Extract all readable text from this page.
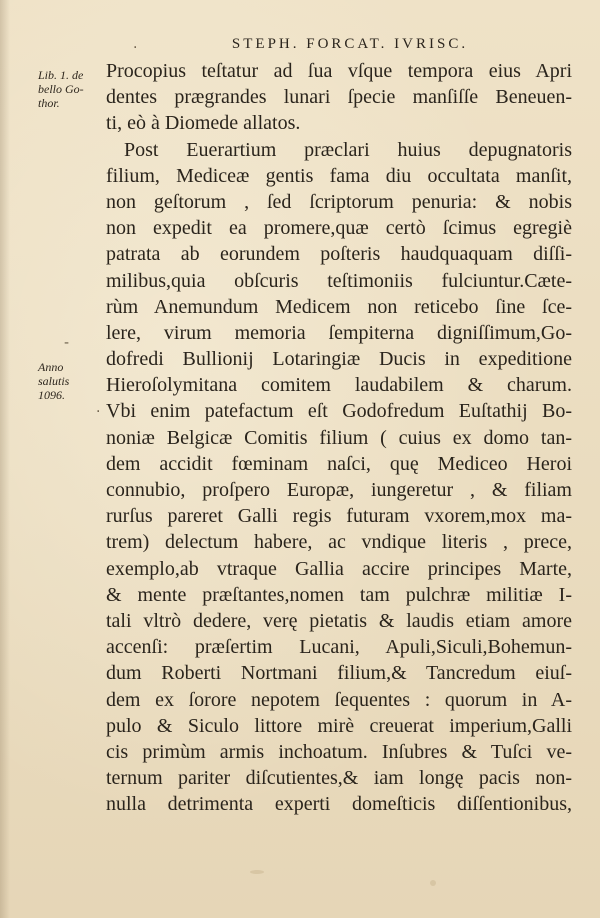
·
-
·
STEPH. FORCAT. IVRISC.
Lib. 1. de
bello Go-
thor.
Anno
salutis
1096.
Procopius teſtatur ad ſua vſque tempora eius Apri
dentes prægrandes lunari ſpecie manſiſſe Beneuen-
ti, eò à Diomede allatos.
Post Euerartium præclari huius depugnatoris
filium, Mediceæ gentis fama diu occultata manſit,
non geſtorum , ſed ſcriptorum penuria: & nobis
non expedit ea promere,quæ certò ſcimus egregiè
patrata ab eorundem poſteris haudquaquam diſſi-
milibus,quia obſcuris teſtimoniis fulciuntur.Cæte-
rùm Anemundum Medicem non reticebo ſine ſce-
lere, virum memoria ſempiterna digniſſimum,Go-
dofredi Bullionij Lotaringiæ Ducis in expeditione
Hieroſolymitana comitem laudabilem & charum.
Vbi enim patefactum eſt Godofredum Euſtathij Bo-
noniæ Belgicæ Comitis filium ( cuius ex domo tan-
dem accidit fœminam naſci, quę Mediceo Heroi
connubio, proſpero Europæ, iungeretur , & filiam
rurſus pareret Galli regis futuram vxorem,mox ma-
trem) delectum habere, ac vndique literis , prece,
exemplo,ab vtraque Gallia accire principes Marte,
& mente præſtantes,nomen tam pulchræ militiæ I-
tali vltrò dedere, verę pietatis & laudis etiam amore
accenſi: præſertim Lucani, Apuli,Siculi,Bohemun-
dum Roberti Nortmani filium,& Tancredum eiuſ-
dem ex ſorore nepotem ſequentes : quorum in A-
pulo & Siculo littore mirè creuerat imperium,Galli
cis primùm armis inchoatum. Inſubres & Tuſci ve-
ternum pariter diſcutientes,& iam longę pacis non-
nulla detrimenta experti domeſticis diſſentionibus,
